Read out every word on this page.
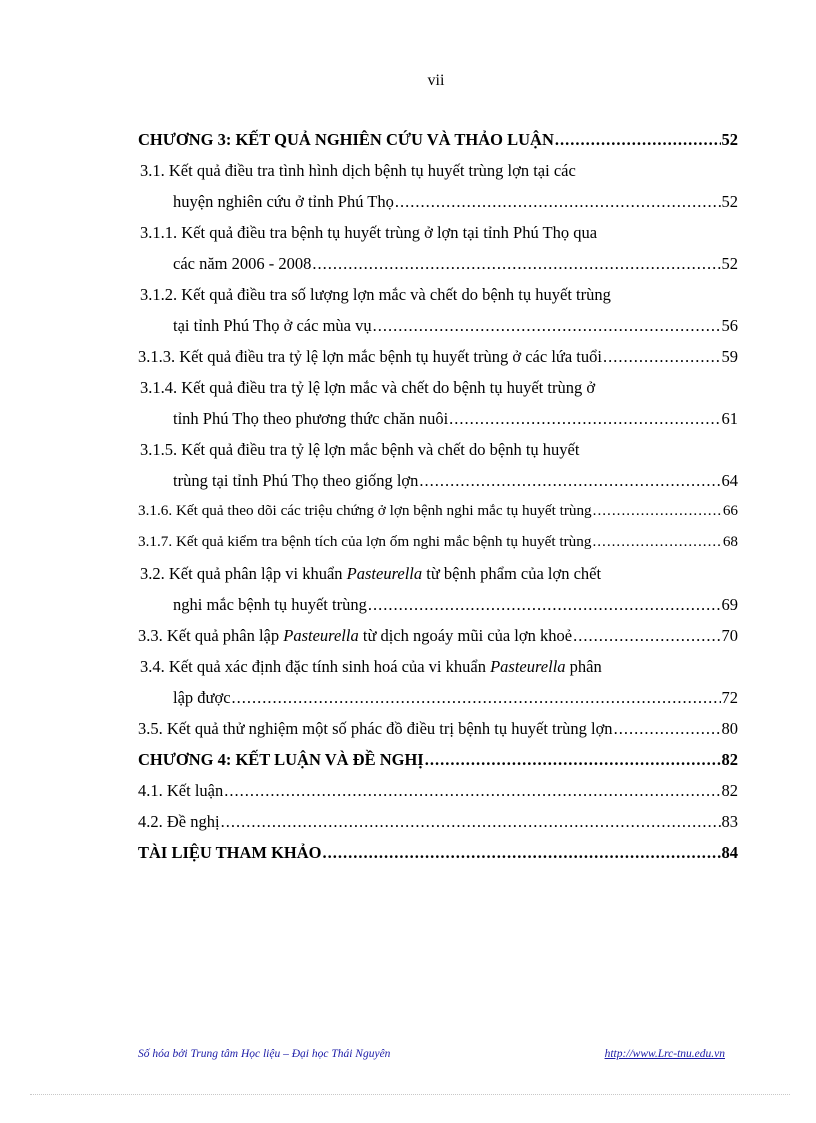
vii
CHƯƠNG 3: KẾT QUẢ NGHIÊN CỨU VÀ THẢO LUẬN .....	52
3.1. Kết quả điều tra tình hình dịch bệnh tụ huyết trùng lợn tại các
huyện nghiên cứu ở tỉnh Phú Thọ .....	52
3.1.1. Kết quả điều tra bệnh tụ huyết trùng ở lợn tại tỉnh Phú Thọ qua
các năm 2006 - 2008 .....	52
3.1.2. Kết quả điều tra số lượng lợn mắc và chết do bệnh tụ huyết trùng
tại tỉnh Phú Thọ ở các mùa vụ .....	56
3.1.3. Kết quả điều tra tỷ lệ lợn mắc bệnh tụ huyết trùng ở các lứa tuổi .....	59
3.1.4. Kết quả điều tra tỷ lệ lợn mắc và chết do bệnh tụ huyết trùng ở
tỉnh Phú Thọ theo phương thức chăn nuôi .....	61
3.1.5. Kết quả điều tra tỷ lệ lợn mắc bệnh và chết do bệnh tụ huyết
trùng tại tỉnh Phú Thọ theo giống lợn .....	64
3.1.6. Kết quả theo dõi các triệu chứng ở lợn bệnh nghi mắc tụ huyết trùng .....	66
3.1.7. Kết quả kiểm tra bệnh tích của lợn ốm nghi mắc bệnh tụ huyết trùng .....	68
3.2. Kết quả phân lập vi khuẩn Pasteurella từ bệnh phẩm của lợn chết
nghi mắc bệnh tụ huyết trùng .....	69
3.3. Kết quả phân lập Pasteurella từ dịch ngoáy mũi của lợn khoẻ .....	70
3.4. Kết quả xác định đặc tính sinh hoá của vi khuẩn Pasteurella phân
lập được .....	72
3.5. Kết quả thử nghiệm một số phác đồ điều trị bệnh tụ huyết trùng lợn .....	80
CHƯƠNG 4: KẾT LUẬN VÀ ĐỀ NGHỊ .....	82
4.1. Kết luận .....	82
4.2. Đề nghị .....	83
TÀI LIỆU THAM KHẢO .....	84
Số hóa bởi Trung tâm Học liệu – Đại học Thái Nguyên	http://www.Lrc-tnu.edu.vn
